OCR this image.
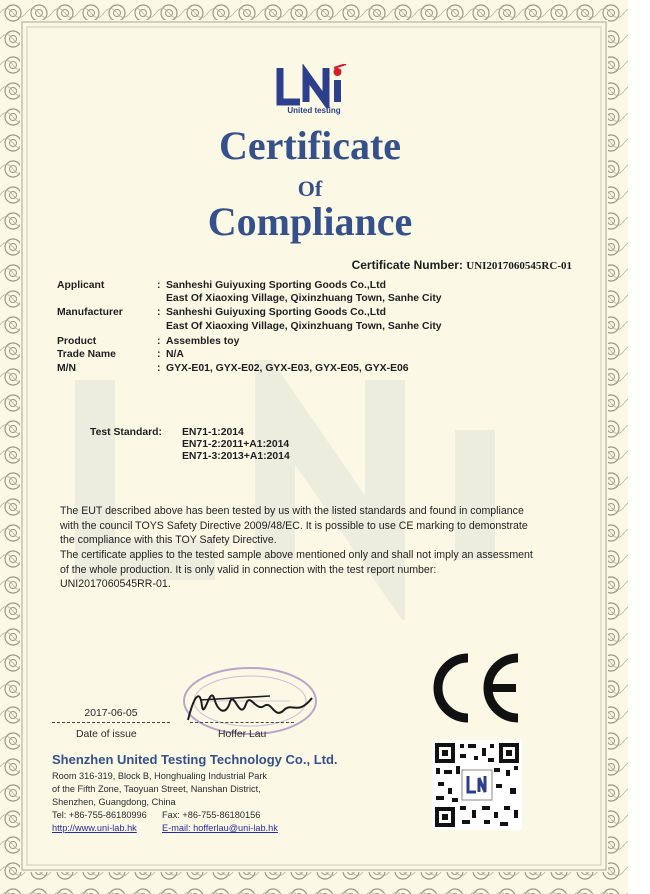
United testing
Certificate
Of
Compliance
Certificate Number: UNI2017060545RC-01
Applicant	: Sanheshi Guiyuxing Sporting Goods Co.,Ltd
East Of Xiaoxing Village, Qixinzhuang Town, Sanhe City
Manufacturer	: Sanheshi Guiyuxing Sporting Goods Co.,Ltd
East Of Xiaoxing Village, Qixinzhuang Town, Sanhe City
Product	: Assembles toy
Trade Name	: N/A
M/N	: GYX-E01, GYX-E02, GYX-E03, GYX-E05, GYX-E06
Test Standard: EN71-1:2014
EN71-2:2011+A1:2014
EN71-3:2013+A1:2014
The EUT described above has been tested by us with the listed standards and found in compliance
with the council TOYS Safety Directive 2009/48/EC. It is possible to use CE marking to demonstrate
the compliance with this TOY Safety Directive.
The certificate applies to the tested sample above mentioned only and shall not imply an assessment
of the whole production. It is only valid in connection with the test report number:
UNI2017060545RR-01.
2017-06-05
Date of issue	Hoffer Lau
Shenzhen United Testing Technology Co., Ltd.
Room 316-319, Block B, Honghualing Industrial Park
of the Fifth Zone, Taoyuan Street, Nanshan District,
Shenzhen, Guangdong, China
Tel: +86-755-86180996 Fax: +86-755-86180156
http://www.uni-lab.hk	E-mail: hofferlau@uni-lab.hk
